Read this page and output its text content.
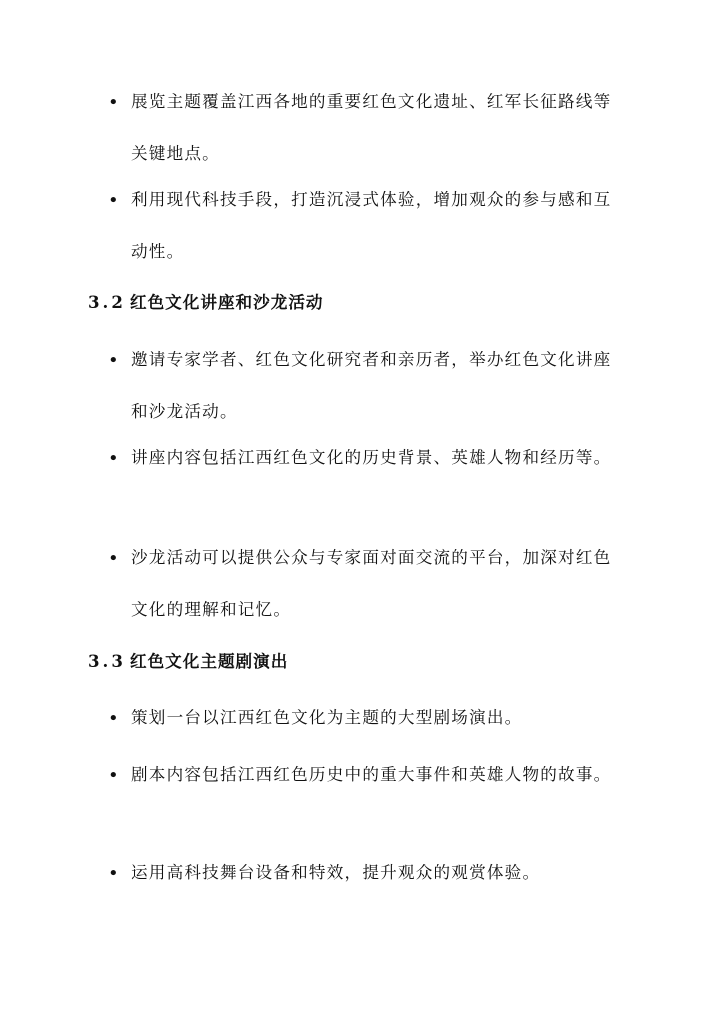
• 展览主题覆盖江西各地的重要红色文化遗址、红军长征路线等关键地点。
• 利用现代科技手段，打造沉浸式体验，增加观众的参与感和互动性。
3.2 红色文化讲座和沙龙活动
• 邀请专家学者、红色文化研究者和亲历者，举办红色文化讲座和沙龙活动。
• 讲座内容包括江西红色文化的历史背景、英雄人物和经历等。
• 沙龙活动可以提供公众与专家面对面交流的平台，加深对红色文化的理解和记忆。
3.3 红色文化主题剧演出
• 策划一台以江西红色文化为主题的大型剧场演出。
• 剧本内容包括江西红色历史中的重大事件和英雄人物的故事。
• 运用高科技舞台设备和特效，提升观众的观赏体验。
